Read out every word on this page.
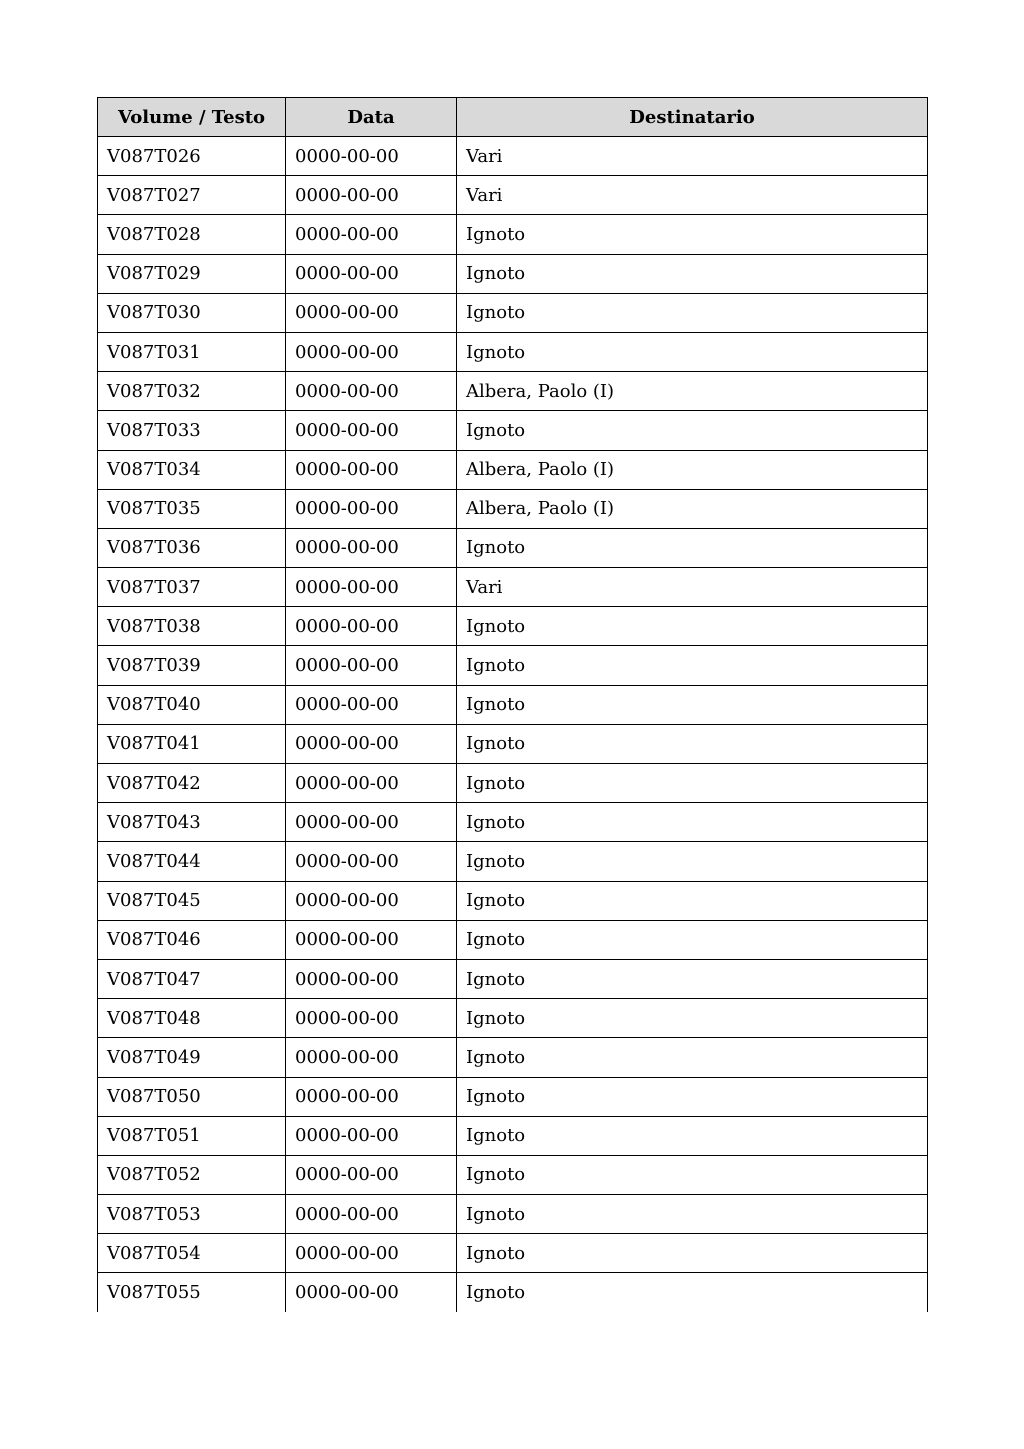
Volume / Testo	Data	Destinatario
V087T026	0000-00-00	Vari
V087T027	0000-00-00	Vari
V087T028	0000-00-00	Ignoto
V087T029	0000-00-00	Ignoto
V087T030	0000-00-00	Ignoto
V087T031	0000-00-00	Ignoto
V087T032	0000-00-00	Albera, Paolo (I)
V087T033	0000-00-00	Ignoto
V087T034	0000-00-00	Albera, Paolo (I)
V087T035	0000-00-00	Albera, Paolo (I)
V087T036	0000-00-00	Ignoto
V087T037	0000-00-00	Vari
V087T038	0000-00-00	Ignoto
V087T039	0000-00-00	Ignoto
V087T040	0000-00-00	Ignoto
V087T041	0000-00-00	Ignoto
V087T042	0000-00-00	Ignoto
V087T043	0000-00-00	Ignoto
V087T044	0000-00-00	Ignoto
V087T045	0000-00-00	Ignoto
V087T046	0000-00-00	Ignoto
V087T047	0000-00-00	Ignoto
V087T048	0000-00-00	Ignoto
V087T049	0000-00-00	Ignoto
V087T050	0000-00-00	Ignoto
V087T051	0000-00-00	Ignoto
V087T052	0000-00-00	Ignoto
V087T053	0000-00-00	Ignoto
V087T054	0000-00-00	Ignoto
V087T055	0000-00-00	Ignoto
